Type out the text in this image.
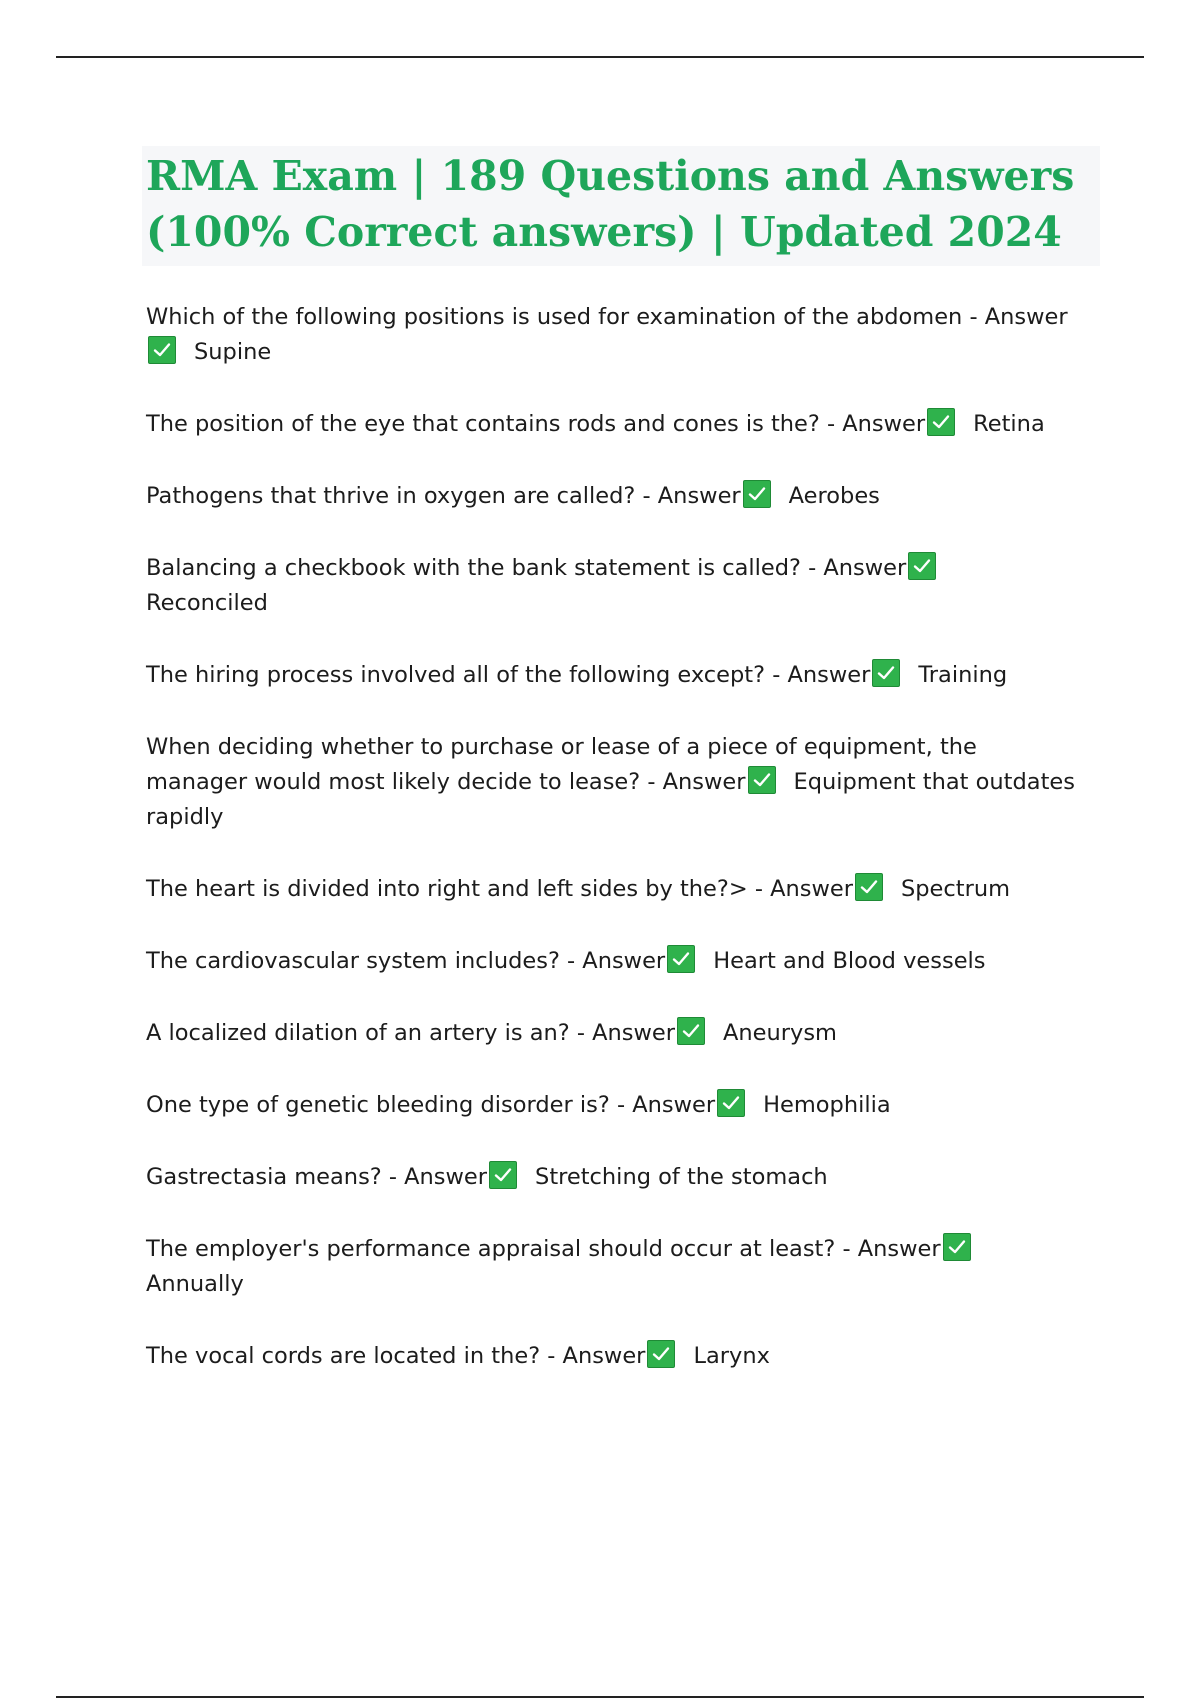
RMA Exam | 189 Questions and Answers
(100% Correct answers) | Updated 2024

Which of the following positions is used for examination of the abdomen - Answer
Supine

The position of the eye that contains rods and cones is the? - Answer Retina

Pathogens that thrive in oxygen are called? - Answer Aerobes

Balancing a checkbook with the bank statement is called? - Answer
Reconciled

The hiring process involved all of the following except? - Answer Training

When deciding whether to purchase or lease of a piece of equipment, the manager would most likely decide to lease? - Answer Equipment that outdates rapidly

The heart is divided into right and left sides by the?> - Answer Spectrum

The cardiovascular system includes? - Answer Heart and Blood vessels

A localized dilation of an artery is an? - Answer Aneurysm

One type of genetic bleeding disorder is? - Answer Hemophilia

Gastrectasia means? - Answer Stretching of the stomach

The employer's performance appraisal should occur at least? - Answer
Annually

The vocal cords are located in the? - Answer Larynx
